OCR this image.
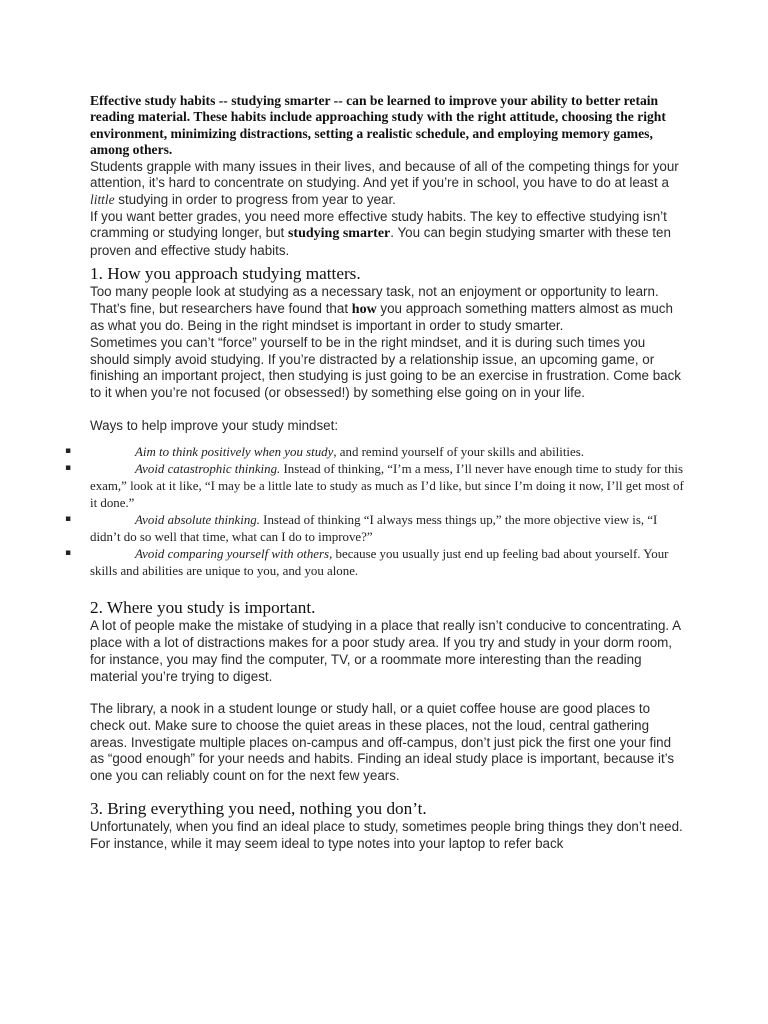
Effective study habits -- studying smarter -- can be learned to improve your ability to better retain reading material. These habits include approaching study with the right attitude, choosing the right environment, minimizing distractions, setting a realistic schedule, and employing memory games, among others.

Students grapple with many issues in their lives, and because of all of the competing things for your attention, it’s hard to concentrate on studying. And yet if you’re in school, you have to do at least a little studying in order to progress from year to year.

If you want better grades, you need more effective study habits. The key to effective studying isn’t cramming or studying longer, but studying smarter. You can begin studying smarter with these ten proven and effective study habits.

1. How you approach studying matters.

Too many people look at studying as a necessary task, not an enjoyment or opportunity to learn. That’s fine, but researchers have found that how you approach something matters almost as much as what you do. Being in the right mindset is important in order to study smarter.

Sometimes you can’t “force” yourself to be in the right mindset, and it is during such times you should simply avoid studying. If you’re distracted by a relationship issue, an upcoming game, or finishing an important project, then studying is just going to be an exercise in frustration. Come back to it when you’re not focused (or obsessed!) by something else going on in your life.

Ways to help improve your study mindset:

▪	Aim to think positively when you study, and remind yourself of your skills and abilities.
▪	Avoid catastrophic thinking. Instead of thinking, “I’m a mess, I’ll never have enough time to study for this exam,” look at it like, “I may be a little late to study as much as I’d like, but since I’m doing it now, I’ll get most of it done.”
▪	Avoid absolute thinking. Instead of thinking “I always mess things up,” the more objective view is, “I didn’t do so well that time, what can I do to improve?”
▪	Avoid comparing yourself with others, because you usually just end up feeling bad about yourself. Your skills and abilities are unique to you, and you alone.
2. Where you study is important.

A lot of people make the mistake of studying in a place that really isn’t conducive to concentrating. A place with a lot of distractions makes for a poor study area. If you try and study in your dorm room, for instance, you may find the computer, TV, or a roommate more interesting than the reading material you’re trying to digest.

The library, a nook in a student lounge or study hall, or a quiet coffee house are good places to check out. Make sure to choose the quiet areas in these places, not the loud, central gathering areas. Investigate multiple places on-campus and off-campus, don’t just pick the first one your find as “good enough” for your needs and habits. Finding an ideal study place is important, because it’s one you can reliably count on for the next few years.

3. Bring everything you need, nothing you don’t.

Unfortunately, when you find an ideal place to study, sometimes people bring things they don’t need. For instance, while it may seem ideal to type notes into your laptop to refer back
